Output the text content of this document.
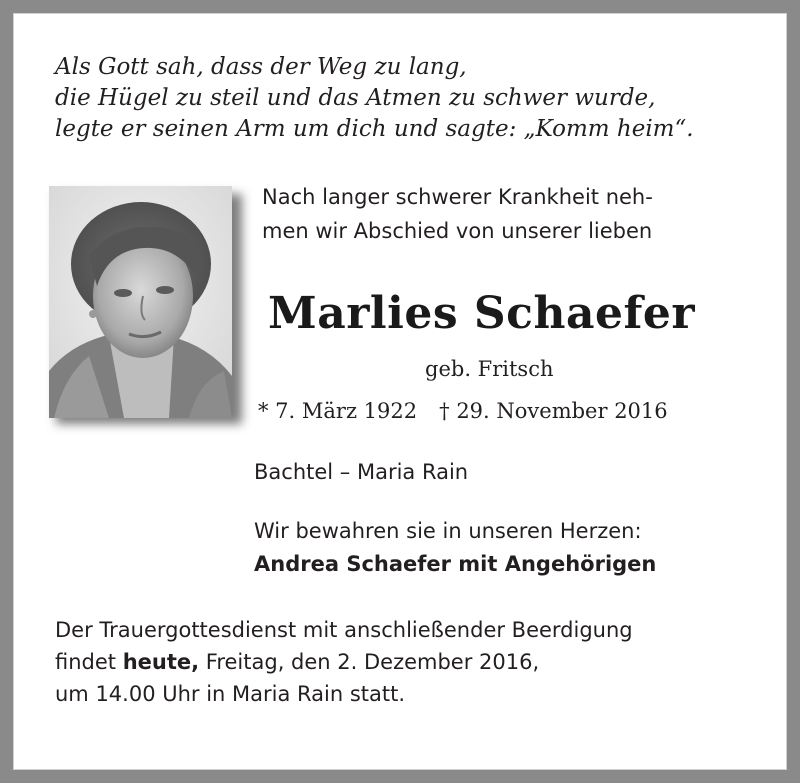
Als Gott sah, dass der Weg zu lang,
die Hügel zu steil und das Atmen zu schwer wurde,
legte er seinen Arm um dich und sagte: „Komm heim“.
Nach langer schwerer Krankheit neh-
men wir Abschied von unserer lieben
Marlies Schaefer
geb. Fritsch
* 7. März 1922 † 29. November 2016
Bachtel – Maria Rain
Wir bewahren sie in unseren Herzen:
Andrea Schaefer mit Angehörigen
Der Trauergottesdienst mit anschließender Beerdigung
findet heute, Freitag, den 2. Dezember 2016,
um 14.00 Uhr in Maria Rain statt.
